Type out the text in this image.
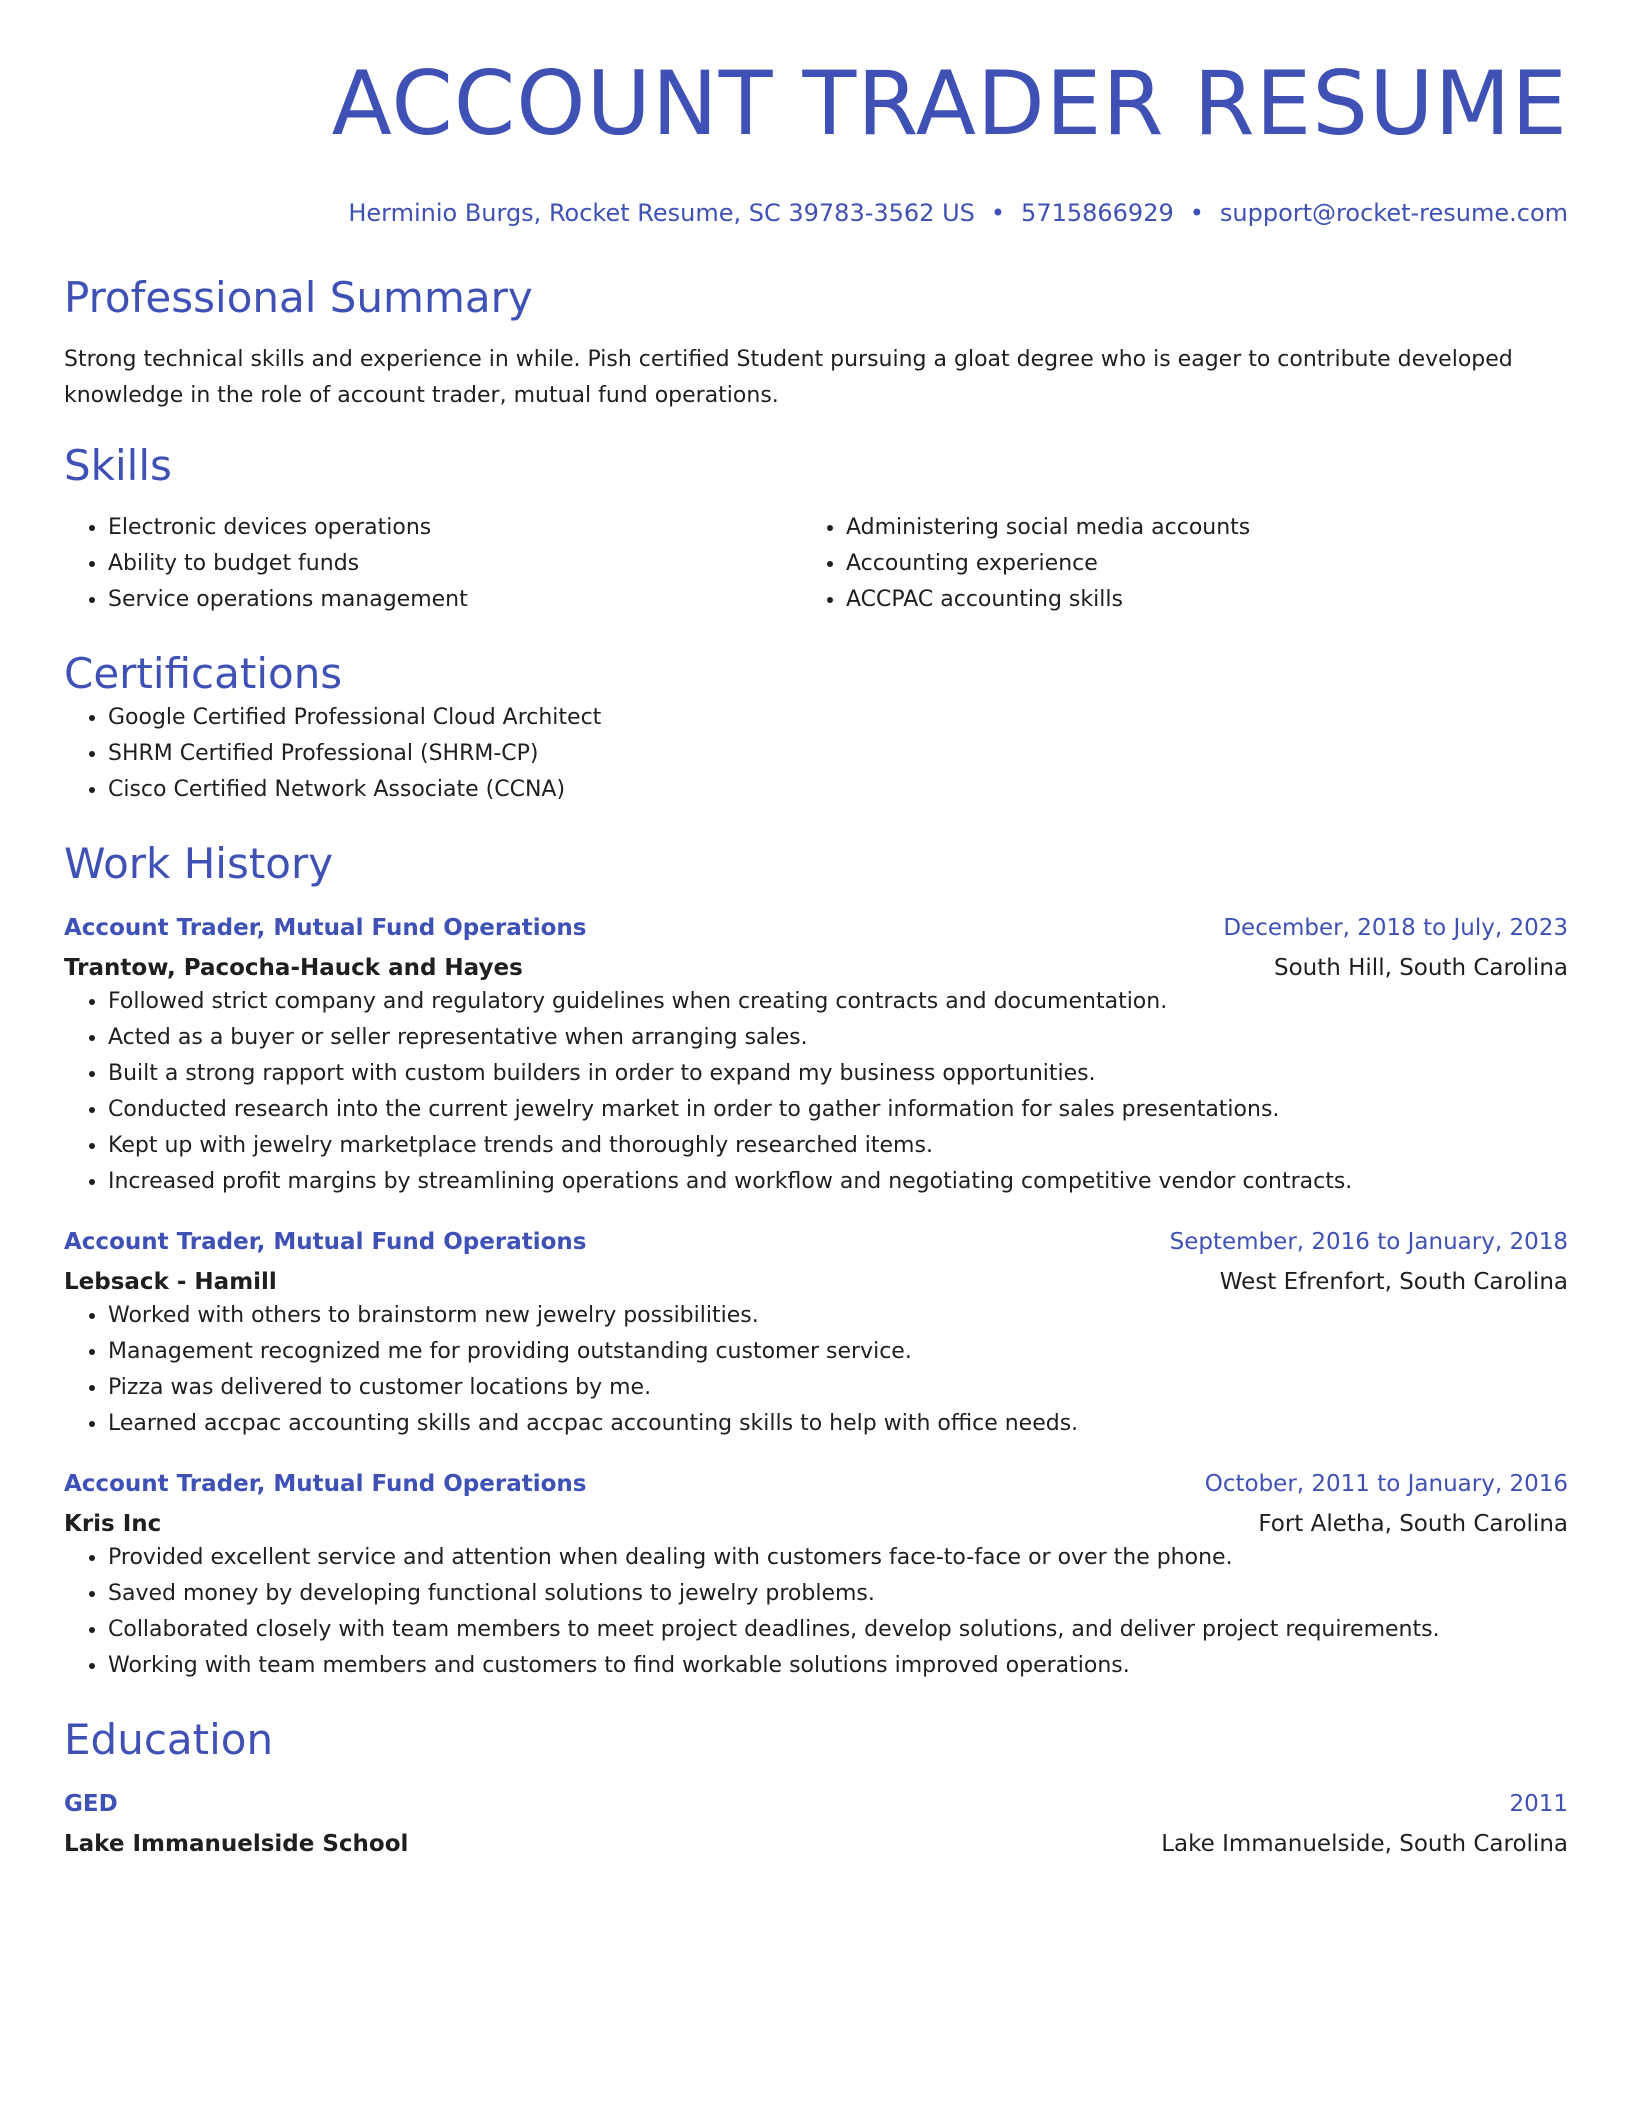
ACCOUNT TRADER RESUME
Herminio Burgs, Rocket Resume, SC 39783-3562 US • 5715866929 • support@rocket-resume.com
Professional Summary
Strong technical skills and experience in while. Pish certified Student pursuing a gloat degree who is eager to contribute developed knowledge in the role of account trader, mutual fund operations.
Skills
• Electronic devices operations
• Ability to budget funds
• Service operations management
• Administering social media accounts
• Accounting experience
• ACCPAC accounting skills
Certifications
• Google Certified Professional Cloud Architect
• SHRM Certified Professional (SHRM-CP)
• Cisco Certified Network Associate (CCNA)
Work History
Account Trader, Mutual Fund Operations	December, 2018 to July, 2023
Trantow, Pacocha-Hauck and Hayes	South Hill, South Carolina
• Followed strict company and regulatory guidelines when creating contracts and documentation.
• Acted as a buyer or seller representative when arranging sales.
• Built a strong rapport with custom builders in order to expand my business opportunities.
• Conducted research into the current jewelry market in order to gather information for sales presentations.
• Kept up with jewelry marketplace trends and thoroughly researched items.
• Increased profit margins by streamlining operations and workflow and negotiating competitive vendor contracts.
Account Trader, Mutual Fund Operations	September, 2016 to January, 2018
Lebsack - Hamill	West Efrenfort, South Carolina
• Worked with others to brainstorm new jewelry possibilities.
• Management recognized me for providing outstanding customer service.
• Pizza was delivered to customer locations by me.
• Learned accpac accounting skills and accpac accounting skills to help with office needs.
Account Trader, Mutual Fund Operations	October, 2011 to January, 2016
Kris Inc	Fort Aletha, South Carolina
• Provided excellent service and attention when dealing with customers face-to-face or over the phone.
• Saved money by developing functional solutions to jewelry problems.
• Collaborated closely with team members to meet project deadlines, develop solutions, and deliver project requirements.
• Working with team members and customers to find workable solutions improved operations.
Education
GED	2011
Lake Immanuelside School	Lake Immanuelside, South Carolina
